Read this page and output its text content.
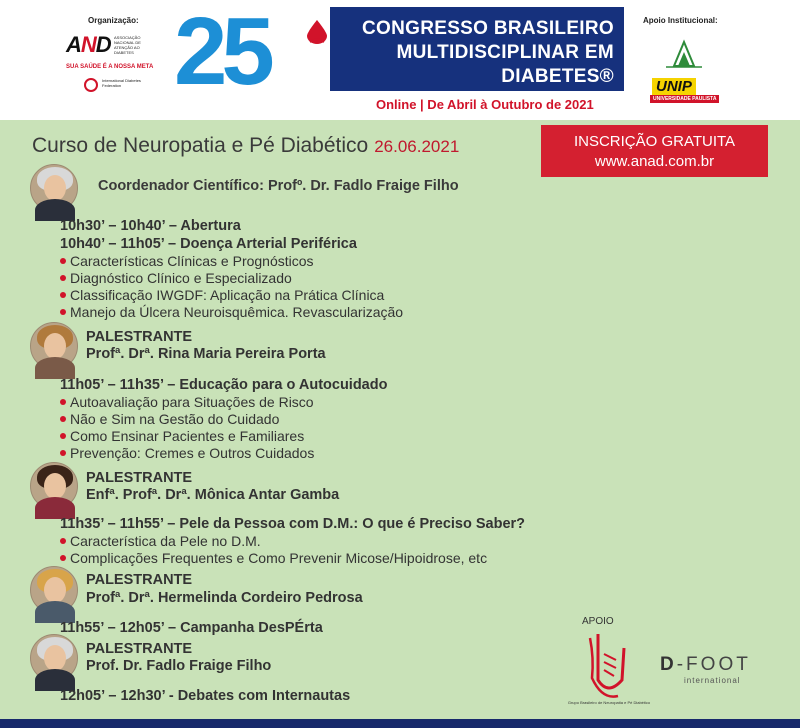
Organização:
AND ASSOCIAÇÃO NACIONAL DE ATENÇÃO AO DIABETES
SUA SAÚDE É A NOSSA META
International Diabetes Federation 25	CONGRESSO BRASILEIRO
MULTIDISCIPLINAR EM
DIABETES®
Online | De Abril à Outubro de 2021
Apoio Institucional:
UNIP
UNIVERSIDADE PAULISTA
Curso de Neuropatia e Pé Diabético 26.06.2021	INSCRIÇÃO GRATUITA
www.anad.com.br
Coordenador Científico: Profº. Dr. Fadlo Fraige Filho
10h30’ – 10h40’ – Abertura
10h40’ – 11h05’ – Doença Arterial Periférica
Características Clínicas e Prognósticos
Diagnóstico Clínico e Especializado
Classificação IWGDF: Aplicação na Prática Clínica
Manejo da Úlcera Neuroisquêmica. Revascularização
PALESTRANTE
Profª. Drª. Rina Maria Pereira Porta
11h05’ – 11h35’ – Educação para o Autocuidado
Autoavaliação para Situações de Risco
Não e Sim na Gestão do Cuidado
Como Ensinar Pacientes e Familiares
Prevenção: Cremes e Outros Cuidados
PALESTRANTE
Enfª. Profª. Drª. Mônica Antar Gamba
11h35’ – 11h55’ – Pele da Pessoa com D.M.: O que é Preciso Saber?
Característica da Pele no D.M.
Complicações Frequentes e Como Prevenir Micose/Hipoidrose, etc
PALESTRANTE
Profª. Drª. Hermelinda Cordeiro Pedrosa
11h55’ – 12h05’ – Campanha DesPÉrta
PALESTRANTE
Prof. Dr. Fadlo Fraige Filho
12h05’ – 12h30’ - Debates com Internautas
APOIO
Grupo Brasileiro de Neuropatia e Pé Diabético
D-FOOT
international
